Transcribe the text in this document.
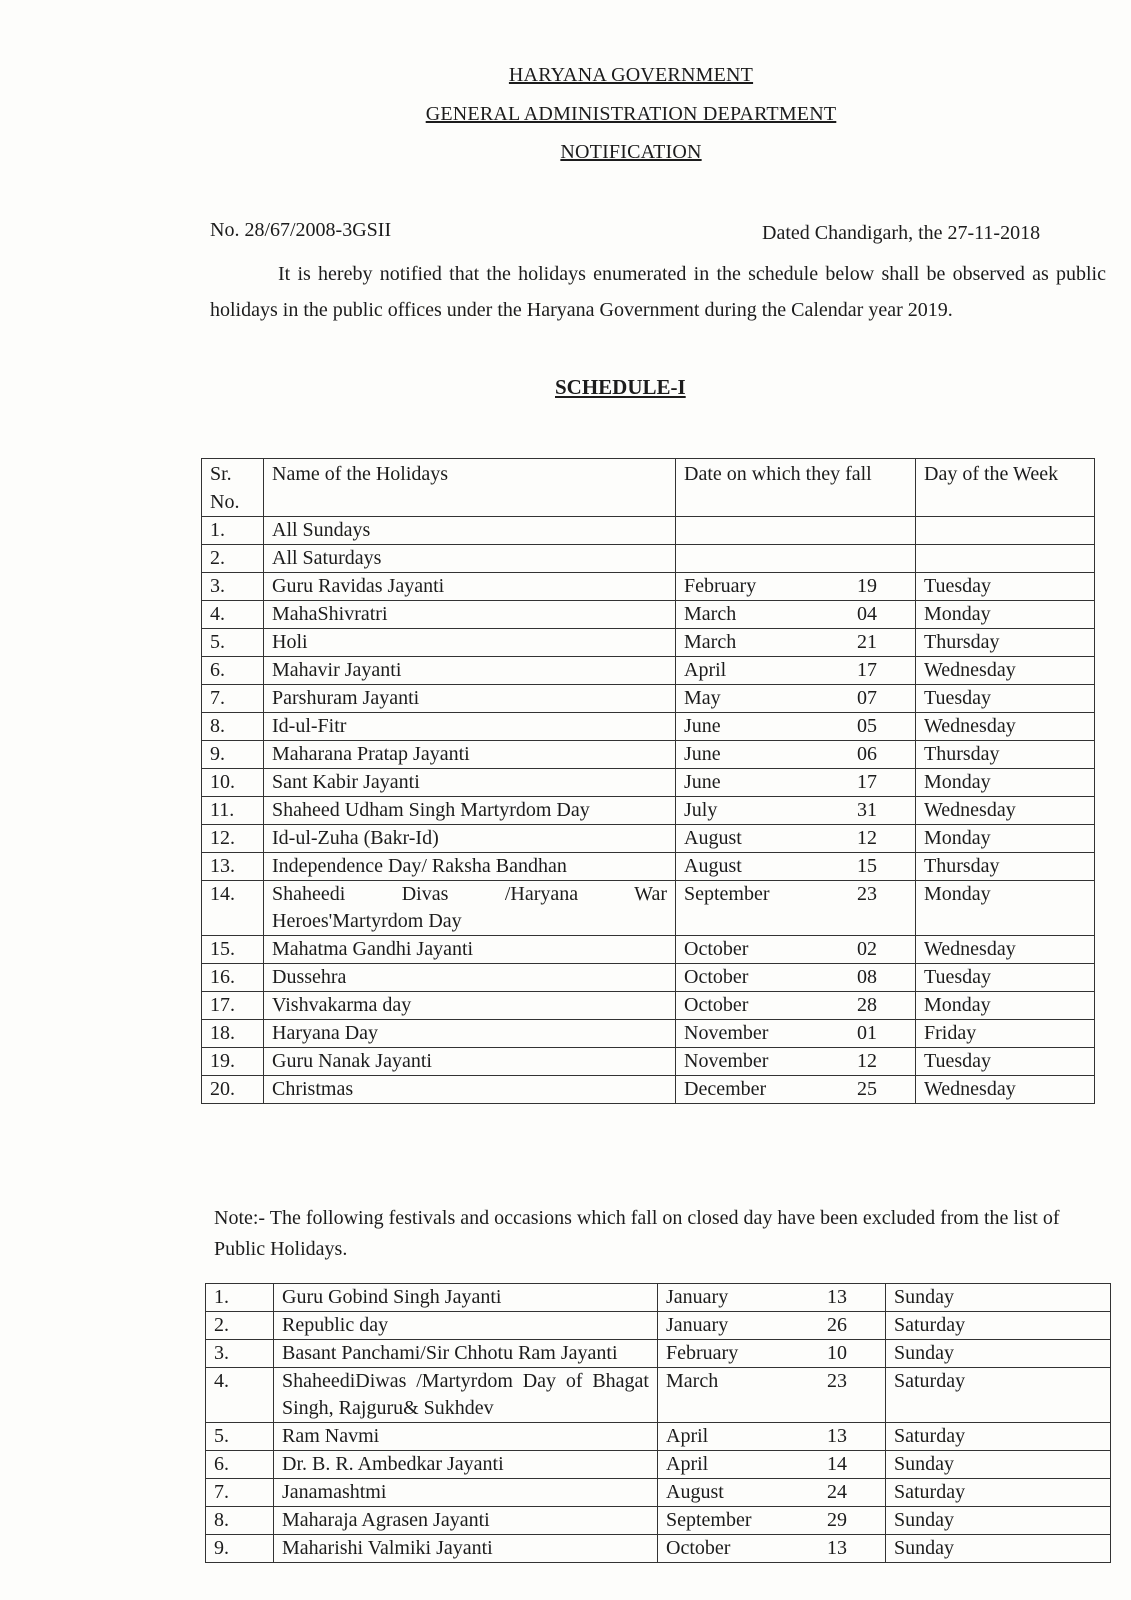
HARYANA GOVERNMENT
GENERAL ADMINISTRATION DEPARTMENT
NOTIFICATION
No. 28/67/2008-3GSII	Dated Chandigarh, the 27-11-2018
It is hereby notified that the holidays enumerated in the schedule below shall be observed as public holidays in the public offices under the Haryana Government during the Calendar year 2019.
SCHEDULE-I
Sr. No.	Name of the Holidays	Date on which they fall	Day of the Week
1.	All Sundays	

2.	All Saturdays	

3.	Guru Ravidas Jayanti	February 19	Tuesday
4.	MahaShivratri	March 04	Monday
5.	Holi	March 21	Thursday
6.	Mahavir Jayanti	April 17	Wednesday
7.	Parshuram Jayanti	May 07	Tuesday
8.	Id-ul-Fitr	June 05	Wednesday
9.	Maharana Pratap Jayanti	June 06	Thursday
10.	Sant Kabir Jayanti	June 17	Monday
11.	Shaheed Udham Singh Martyrdom Day	July 31	Wednesday
12.	Id-ul-Zuha (Bakr-Id)	August 12	Monday
13.	Independence Day/ Raksha Bandhan	August 15	Thursday
14.	Shaheedi Divas /Haryana War Heroes'Martyrdom Day	September 23	Monday
15.	Mahatma Gandhi Jayanti	October 02	Wednesday
16.	Dussehra	October 08	Tuesday
17.	Vishvakarma day	October 28	Monday
18.	Haryana Day	November 01	Friday
19.	Guru Nanak Jayanti	November 12	Tuesday
20.	Christmas	December 25	Wednesday
Note:- The following festivals and occasions which fall on closed day have been excluded from the list of Public Holidays.
1.	Guru Gobind Singh Jayanti	January 13	Sunday
2.	Republic day	January 26	Saturday
3.	Basant Panchami/Sir Chhotu Ram Jayanti	February 10	Sunday
4.	ShaheediDiwas /Martyrdom Day of Bhagat Singh, Rajguru& Sukhdev	March 23	Saturday
5.	Ram Navmi	April 13	Saturday
6.	Dr. B. R. Ambedkar Jayanti	April 14	Sunday
7.	Janamashtmi	August 24	Saturday
8.	Maharaja Agrasen Jayanti	September 29	Sunday
9.	Maharishi Valmiki Jayanti	October 13	Sunday
